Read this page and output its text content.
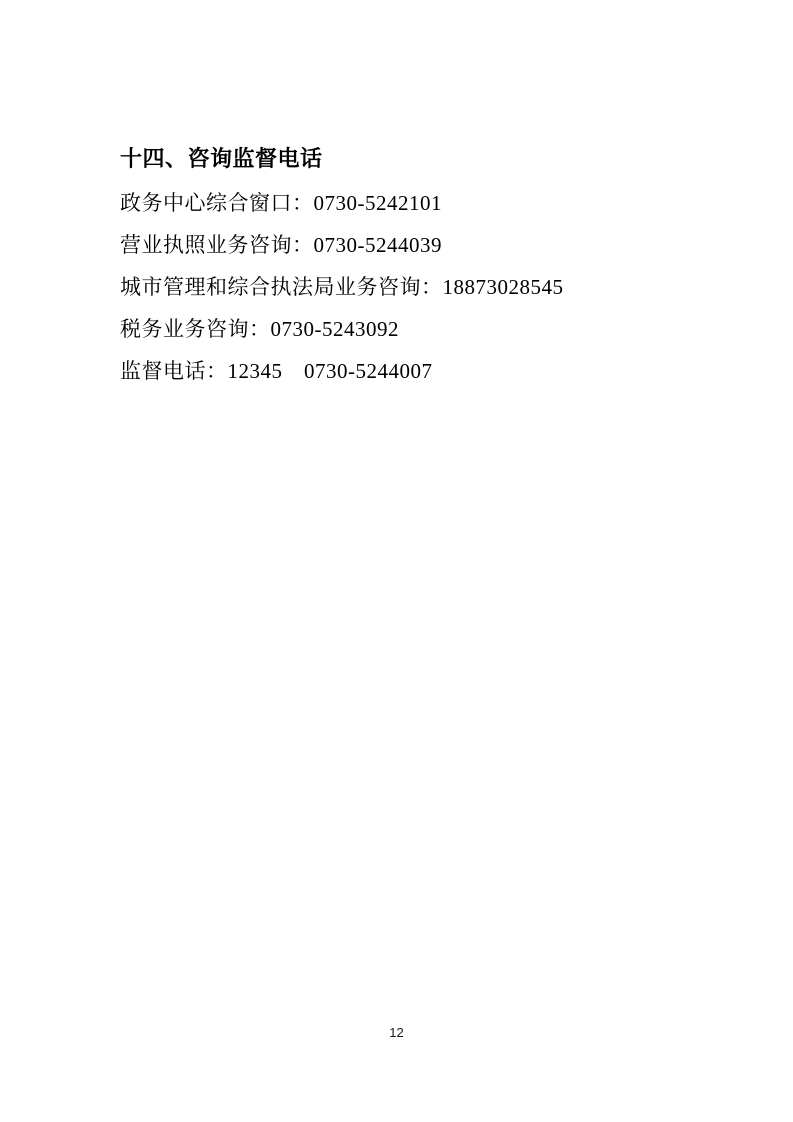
十四、咨询监督电话

政务中心综合窗口：0730-5242101

营业执照业务咨询：0730-5244039

城市管理和综合执法局业务咨询：18873028545

税务业务咨询：0730-5243092

监督电话：12345　0730-5244007

12
